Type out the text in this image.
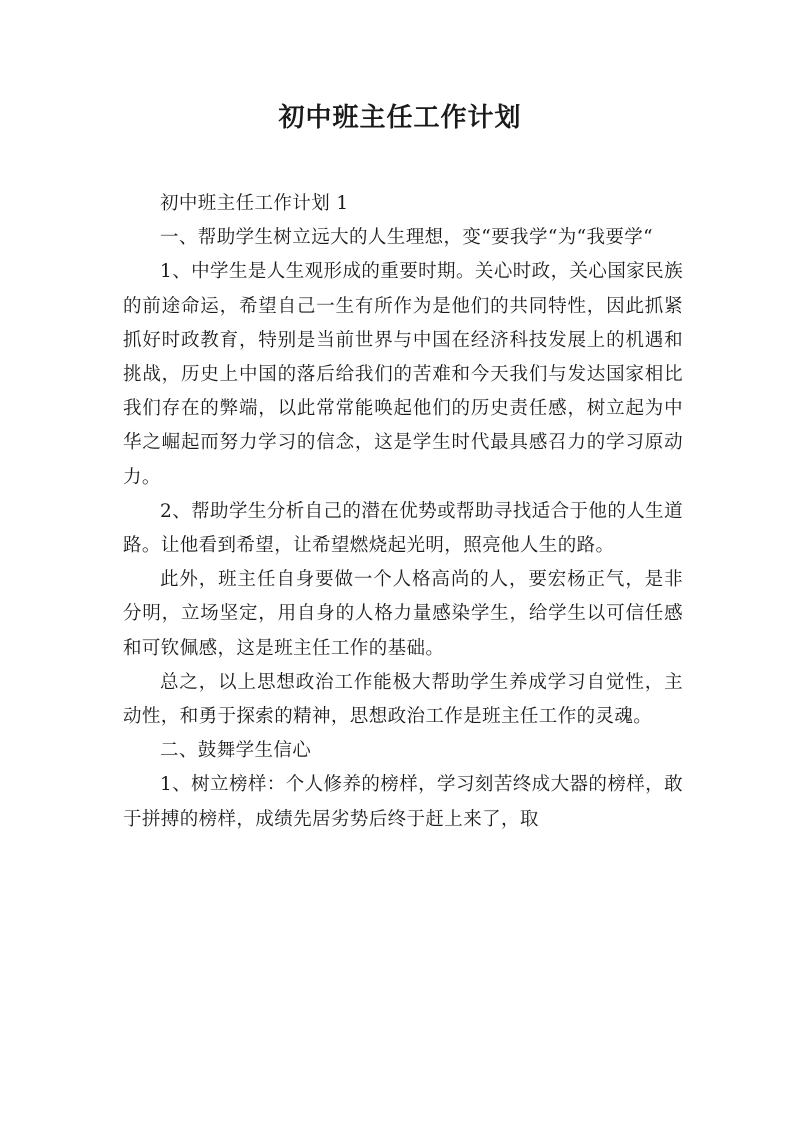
初中班主任工作计划

初中班主任工作计划 1

一、帮助学生树立远大的人生理想，变“要我学“为“我要学“

1、中学生是人生观形成的重要时期。关心时政，关心国家民族的前途命运，希望自己一生有所作为是他们的共同特性，因此抓紧抓好时政教育，特别是当前世界与中国在经济科技发展上的机遇和挑战，历史上中国的落后给我们的苦难和今天我们与发达国家相比我们存在的弊端，以此常常能唤起他们的历史责任感，树立起为中华之崛起而努力学习的信念，这是学生时代最具感召力的学习原动力。

2、帮助学生分析自己的潜在优势或帮助寻找适合于他的人生道路。让他看到希望，让希望燃烧起光明，照亮他人生的路。

此外，班主任自身要做一个人格高尚的人，要宏杨正气，是非分明，立场坚定，用自身的人格力量感染学生，给学生以可信任感和可钦佩感，这是班主任工作的基础。

总之，以上思想政治工作能极大帮助学生养成学习自觉性，主动性，和勇于探索的精神，思想政治工作是班主任工作的灵魂。

二、鼓舞学生信心

1、树立榜样：个人修养的榜样，学习刻苦终成大器的榜样，敢于拼搏的榜样，成绩先居劣势后终于赶上来了，取
